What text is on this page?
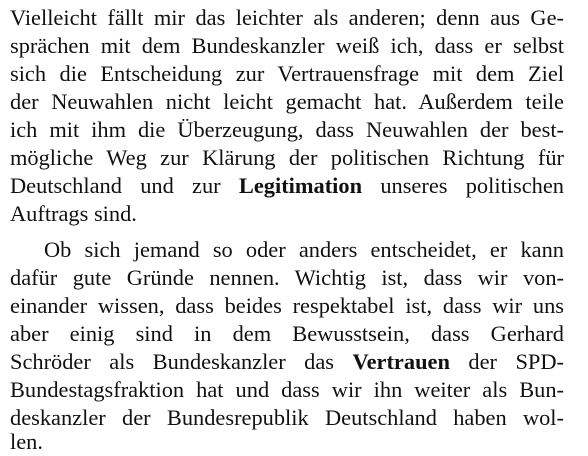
Vielleicht fällt mir das leichter als anderen; denn aus Ge-
sprächen mit dem Bundeskanzler weiß ich, dass er selbst
sich die Entscheidung zur Vertrauensfrage mit dem Ziel
der Neuwahlen nicht leicht gemacht hat. Außerdem teile
ich mit ihm die Überzeugung, dass Neuwahlen der best-
mögliche Weg zur Klärung der politischen Richtung für
Deutschland und zur Legitimation unseres politischen
Auftrags sind.
Ob sich jemand so oder anders entscheidet, er kann
dafür gute Gründe nennen. Wichtig ist, dass wir von-
einander wissen, dass beides respektabel ist, dass wir uns
aber einig sind in dem Bewusstsein, dass Gerhard
Schröder als Bundeskanzler das Vertrauen der SPD-
Bundestagsfraktion hat und dass wir ihn weiter als Bun-
deskanzler der Bundesrepublik Deutschland haben wol-
len.
